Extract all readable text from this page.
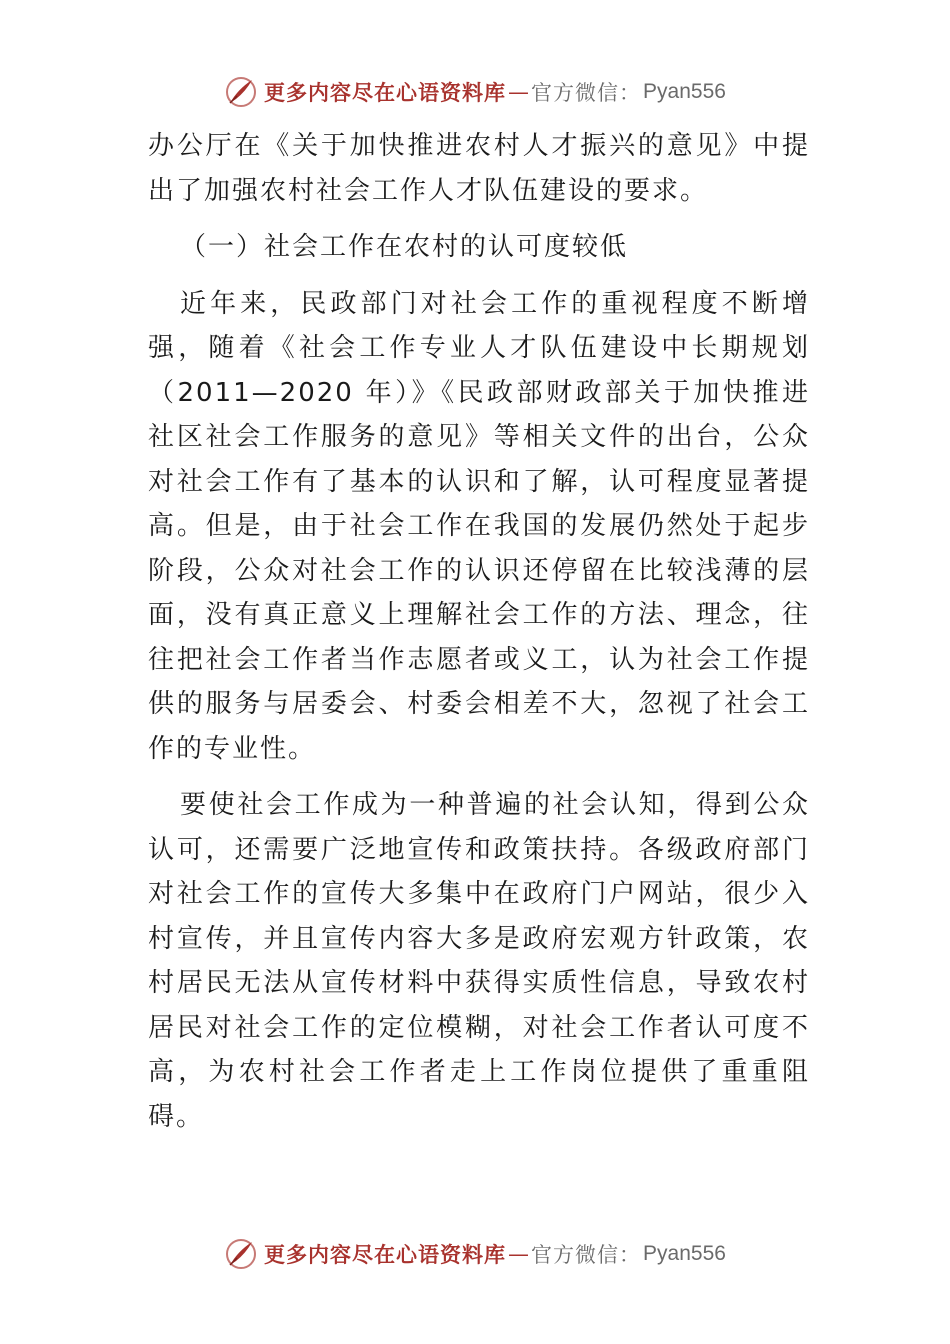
更多内容尽在心语资料库 — 官方微信： Pyan556

办公厅在《关于加快推进农村人才振兴的意见》中提出了加强农村社会工作人才队伍建设的要求。

（一）社会工作在农村的认可度较低

近年来，民政部门对社会工作的重视程度不断增强，随着《社会工作专业人才队伍建设中长期规划（2011—2020 年）》《民政部财政部关于加快推进社区社会工作服务的意见》等相关文件的出台，公众对社会工作有了基本的认识和了解，认可程度显著提高。但是，由于社会工作在我国的发展仍然处于起步阶段，公众对社会工作的认识还停留在比较浅薄的层面，没有真正意义上理解社会工作的方法、理念，往往把社会工作者当作志愿者或义工，认为社会工作提供的服务与居委会、村委会相差不大，忽视了社会工作的专业性。

要使社会工作成为一种普遍的社会认知，得到公众认可，还需要广泛地宣传和政策扶持。各级政府部门对社会工作的宣传大多集中在政府门户网站，很少入村宣传，并且宣传内容大多是政府宏观方针政策，农村居民无法从宣传材料中获得实质性信息，导致农村居民对社会工作的定位模糊，对社会工作者认可度不高，为农村社会工作者走上工作岗位提供了重重阻碍。

更多内容尽在心语资料库 — 官方微信： Pyan556
